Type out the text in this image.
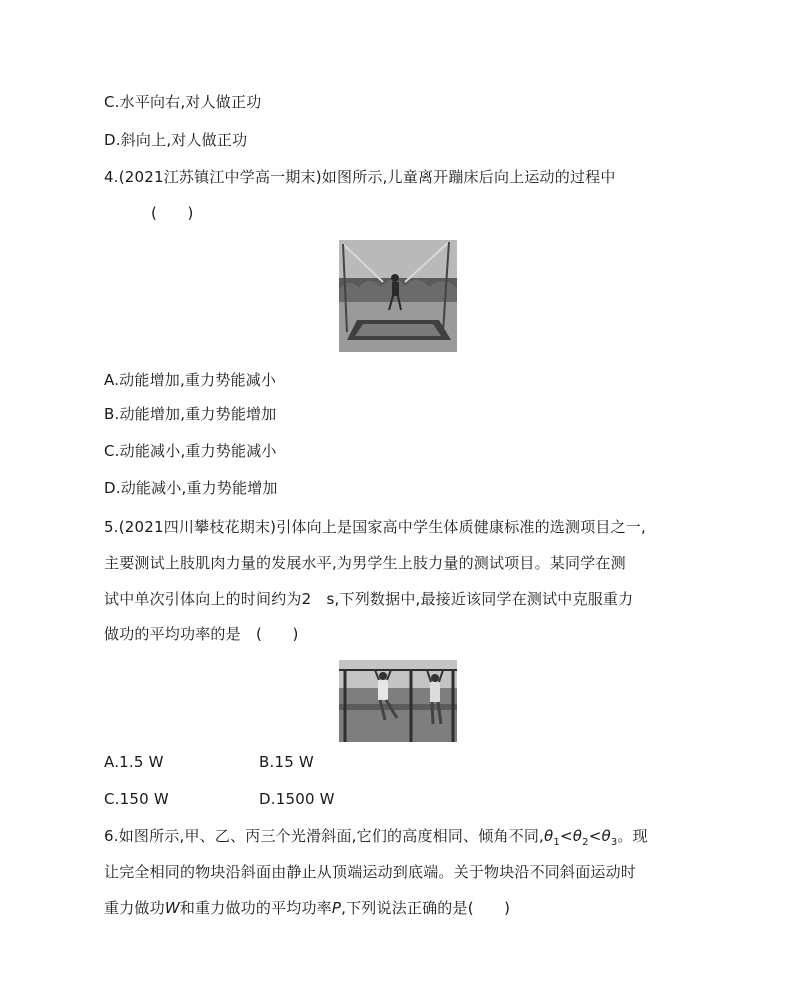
C.水平向右,对人做正功
D.斜向上,对人做正功
4.(2021江苏镇江中学高一期末)如图所示,儿童离开蹦床后向上运动的过程中
(　　)
A.动能增加,重力势能减小
B.动能增加,重力势能增加
C.动能减小,重力势能减小
D.动能减小,重力势能增加
5.(2021四川攀枝花期末)引体向上是国家高中学生体质健康标准的选测项目之一,
主要测试上肢肌肉力量的发展水平,为男学生上肢力量的测试项目。某同学在测
试中单次引体向上的时间约为2　s,下列数据中,最接近该同学在测试中克服重力
做功的平均功率的是　(　　)
A.1.5 W	B.15 W
C.150 W	D.1500 W
6.如图所示,甲、乙、丙三个光滑斜面,它们的高度相同、倾角不同$,\theta_1<\theta_2<\theta_3$。现
让完全相同的物块沿斜面由静止从顶端运动到底端。关于物块沿不同斜面运动时
重力做功W和重力做功的平均功率P,下列说法正确的是(　　)
